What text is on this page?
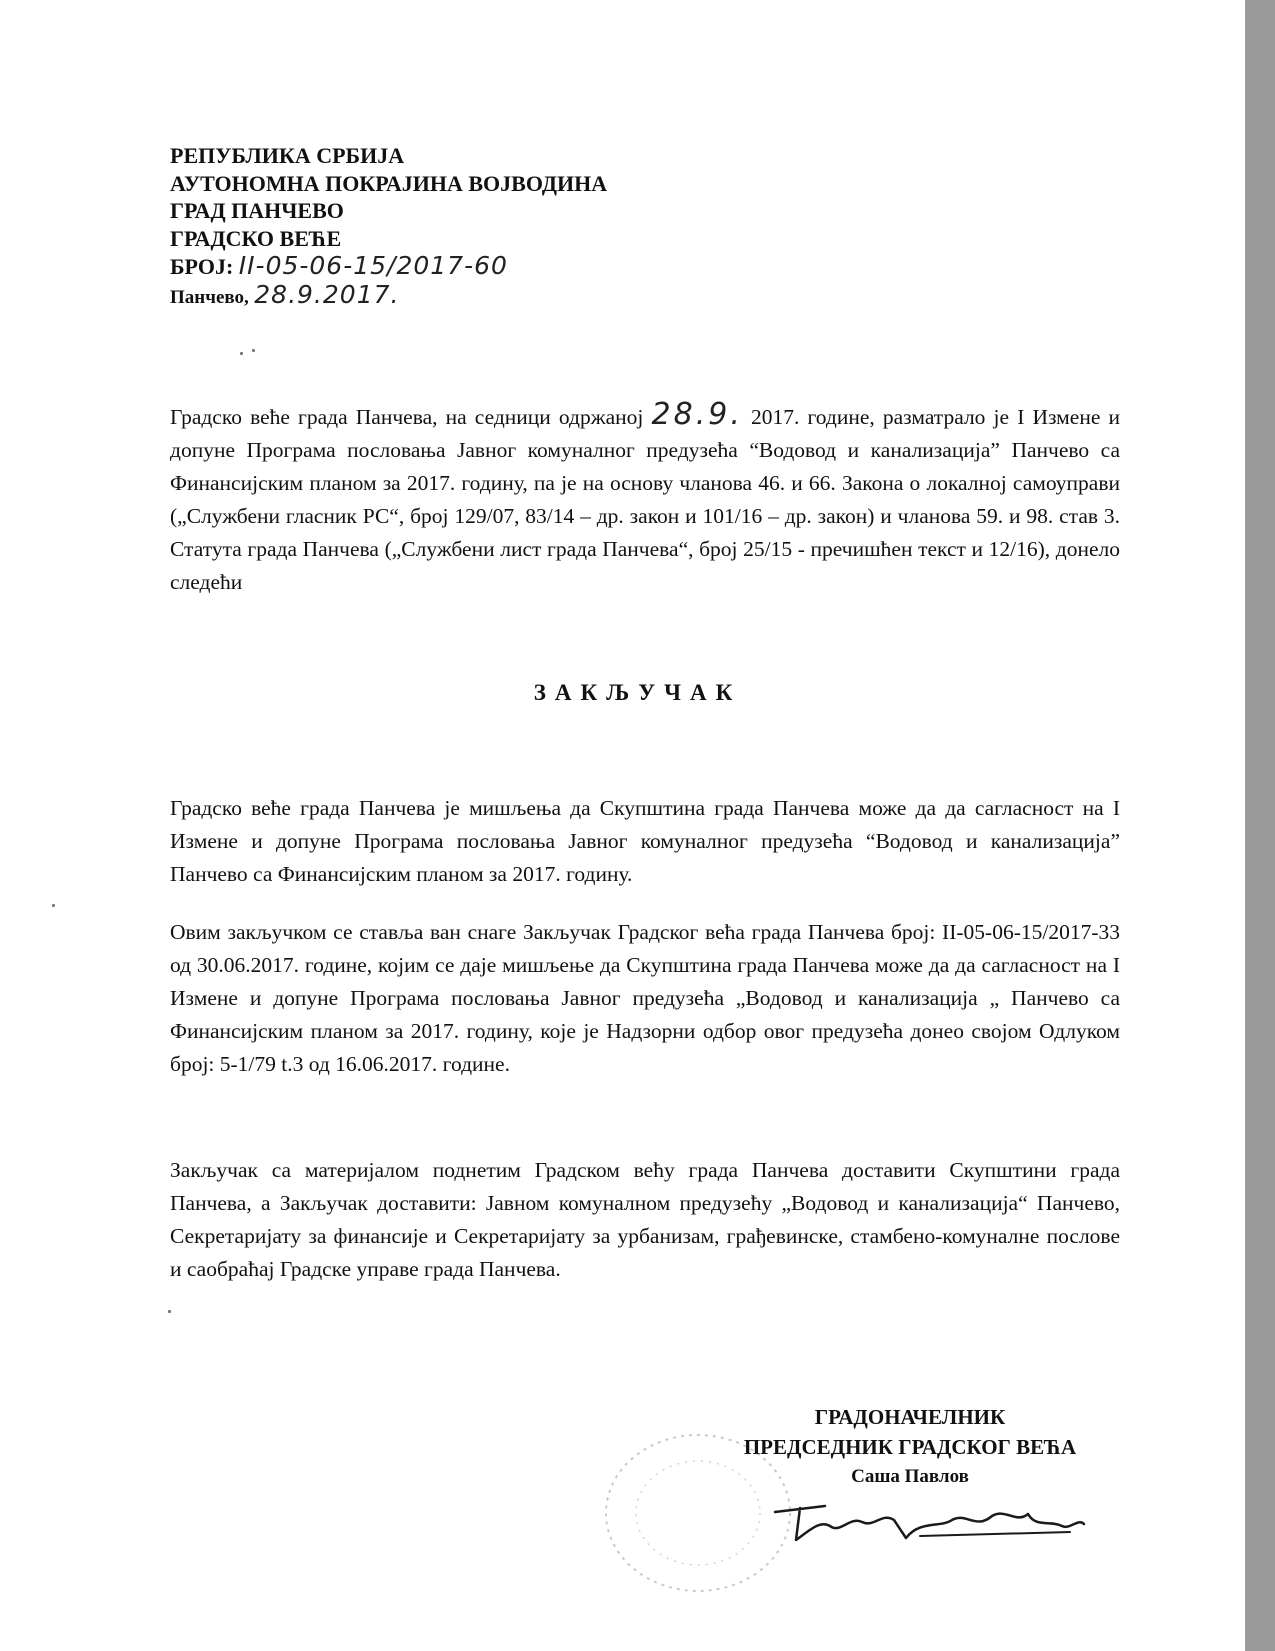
РЕПУБЛИКА СРБИЈА
АУТОНОМНА ПОКРАЈИНА ВОЈВОДИНА
ГРАД ПАНЧЕВО
ГРАДСКО ВЕЋЕ
БРОЈ: II-05-06-15/2017-60
Панчево, 28.9.2017.
Градско веће града Панчева, на седници одржаној 28.9. 2017. године, разматрало је I Измене и допуне Програма пословања Јавног комуналног предузећа “Водовод и канализација” Панчево са Финансијским планом за 2017. годину, па је на основу чланова 46. и 66. Закона о локалној самоуправи („Службени гласник РС“, број 129/07, 83/14 – др. закон и 101/16 – др. закон) и чланова 59. и 98. став 3. Статута града Панчева („Службени лист града Панчева“, број 25/15 - пречишћен текст и 12/16), донело следећи
ЗАКЉУЧАК
Градско веће града Панчева је мишљења да Скупштина града Панчева може да да сагласност на I Измене и допуне Програма пословања Јавног комуналног предузећа “Водовод и канализација” Панчево са Финансијским планом за 2017. годину.
Овим закључком се ставља ван снаге Закључак Градског већа града Панчева број: II-05-06-15/2017-33 од 30.06.2017. године, којим се даје мишљење да Скупштина града Панчева може да да сагласност на I Измене и допуне Програма пословања Јавног предузећа „Водовод и канализација „ Панчево са Финансијским планом за 2017. годину, које је Надзорни одбор овог предузећа донео својом Одлуком број: 5-1/79 t.3 од 16.06.2017. године.
Закључак са материјалом поднетим Градском већу града Панчева доставити Скупштини града Панчева, а Закључак доставити: Јавном комуналном предузећу „Водовод и канализација“ Панчево, Секретаријату за финансије и Секретаријату за урбанизам, грађевинске, стамбено-комуналне послове и саобраћај Градске управе града Панчева.
ГРАДОНАЧЕЛНИК
ПРЕДСЕДНИК ГРАДСКОГ ВЕЋА
Саша Павлов
